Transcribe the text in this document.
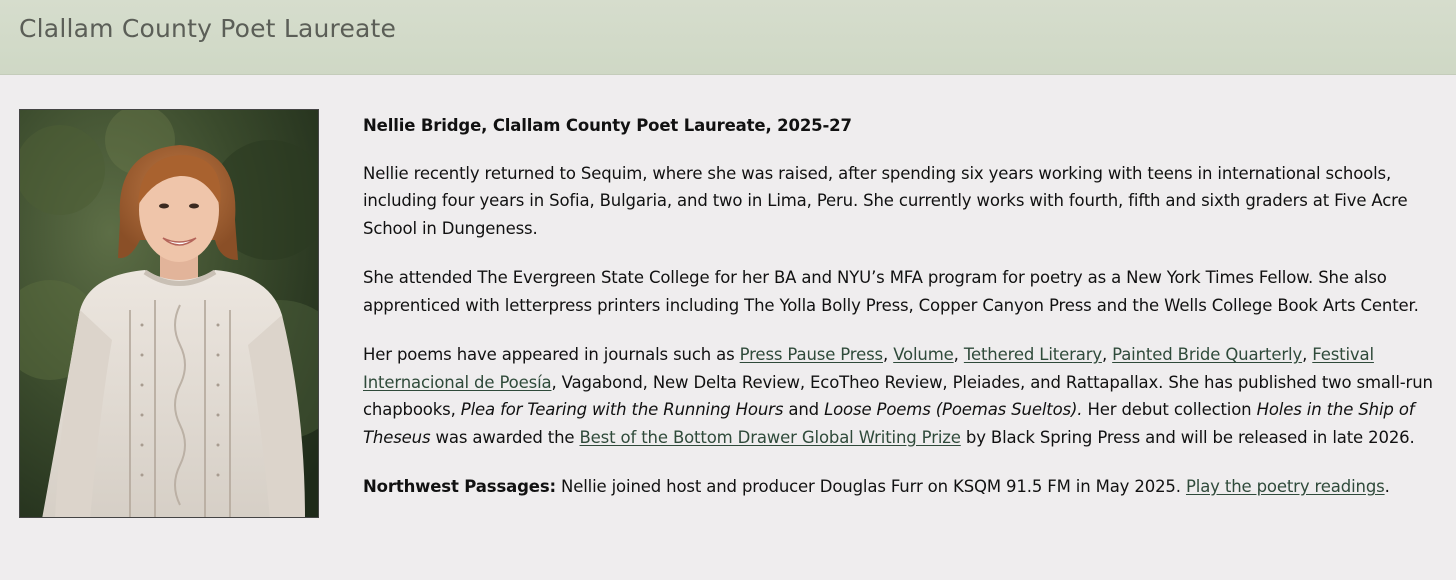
Clallam County Poet Laureate

Nellie Bridge, Clallam County Poet Laureate, 2025-27

Nellie recently returned to Sequim, where she was raised, after spending six years working with teens in international schools, including four years in Sofia, Bulgaria, and two in Lima, Peru. She currently works with fourth, fifth and sixth graders at Five Acre School in Dungeness.

She attended The Evergreen State College for her BA and NYU’s MFA program for poetry as a New York Times Fellow. She also apprenticed with letterpress printers including The Yolla Bolly Press, Copper Canyon Press and the Wells College Book Arts Center.

Her poems have appeared in journals such as Press Pause Press, Volume, Tethered Literary, Painted Bride Quarterly, Festival Internacional de Poesía, Vagabond, New Delta Review, EcoTheo Review, Pleiades, and Rattapallax. She has published two small-run chapbooks, Plea for Tearing with the Running Hours and Loose Poems (Poemas Sueltos). Her debut collection Holes in the Ship of Theseus was awarded the Best of the Bottom Drawer Global Writing Prize by Black Spring Press and will be released in late 2026.

Northwest Passages: Nellie joined host and producer Douglas Furr on KSQM 91.5 FM in May 2025. Play the poetry readings.
